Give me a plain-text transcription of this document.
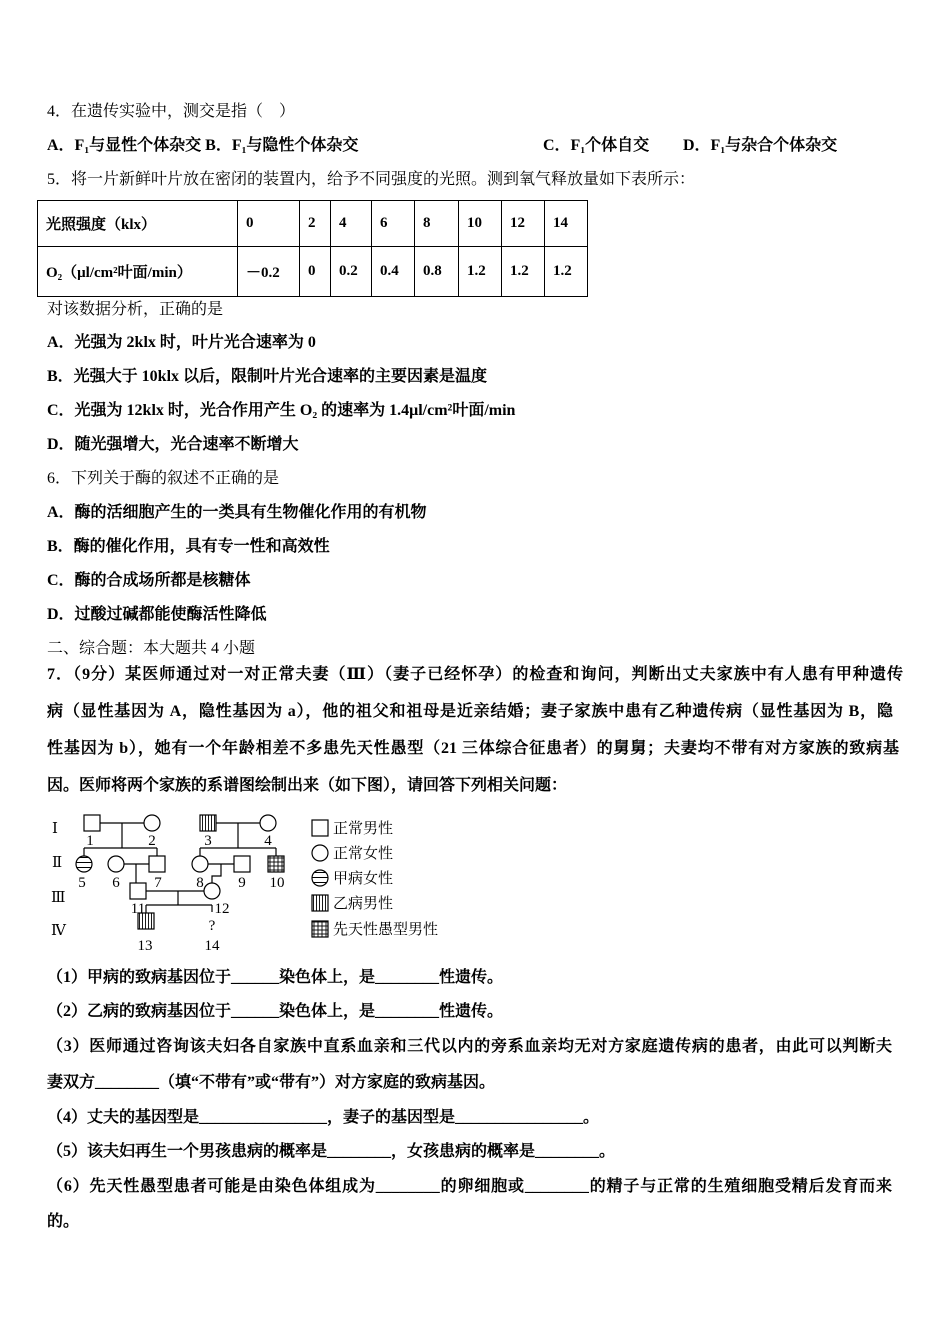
4．在遗传实验中，测交是指（　）
A．F₁与显性个体杂交 B．F₁与隐性个体杂交	C．F₁个体自交 D．F₁与杂合个体杂交
5．将一片新鲜叶片放在密闭的装置内，给予不同强度的光照。测到氧气释放量如下表所示：
光照强度（klx）	0	2	4	6	8	10	12	14
O₂（μl/cm²叶面/min）	－0.2	0	0.2	0.4	0.8	1.2	1.2	1.2
对该数据分析，正确的是
A．光强为 2klx 时，叶片光合速率为 0
B．光强大于 10klx 以后，限制叶片光合速率的主要因素是温度
C．光强为 12klx 时，光合作用产生 O₂ 的速率为 1.4μl/cm²叶面/min
D．随光强增大，光合速率不断增大
6．下列关于酶的叙述不正确的是
A．酶的活细胞产生的一类具有生物催化作用的有机物
B．酶的催化作用，具有专一性和高效性
C．酶的合成场所都是核糖体
D．过酸过碱都能使酶活性降低
二、综合题：本大题共 4 小题
7．（9分）某医师通过对一对正常夫妻（Ⅲ）（妻子已经怀孕）的检查和询问，判断出丈夫家族中有人患有甲种遗传
病（显性基因为 A，隐性基因为 a），他的祖父和祖母是近亲结婚；妻子家族中患有乙种遗传病（显性基因为 B，隐
性基因为 b），她有一个年龄相差不多患先天性愚型（21 三体综合征患者）的舅舅；夫妻均不带有对方家族的致病基
因。医师将两个家族的系谱图绘制出来（如下图），请回答下列相关问题：
Ⅰ
Ⅱ
Ⅲ
Ⅳ
1	2	3	4
5 6 7 8 9 10
11	12
13	14
?
正常男性
正常女性
甲病女性
乙病男性
先天性愚型男性
（1）甲病的致病基因位于______染色体上，是________性遗传。
（2）乙病的致病基因位于______染色体上，是________性遗传。
（3）医师通过咨询该夫妇各自家族中直系血亲和三代以内的旁系血亲均无对方家庭遗传病的患者，由此可以判断夫
妻双方________（填“不带有”或“带有”）对方家庭的致病基因。
（4）丈夫的基因型是________________，妻子的基因型是________________。
（5）该夫妇再生一个男孩患病的概率是________，女孩患病的概率是________。
（6）先天性愚型患者可能是由染色体组成为________的卵细胞或________的精子与正常的生殖细胞受精后发育而来
的。
